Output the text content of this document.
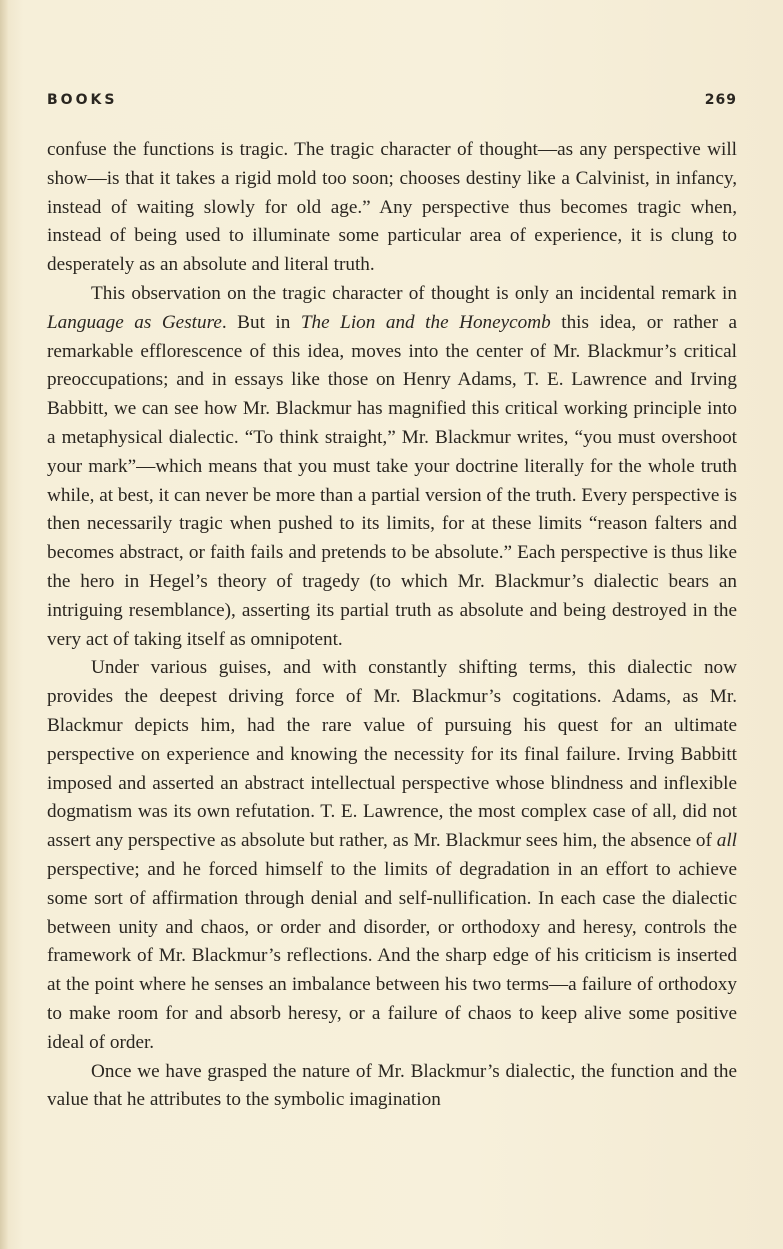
BOOKS	269

confuse the functions is tragic. The tragic character of thought—as any perspective will show—is that it takes a rigid mold too soon; chooses destiny like a Calvinist, in infancy, instead of waiting slowly for old age.” Any perspective thus becomes tragic when, instead of being used to illuminate some particular area of experience, it is clung to desperately as an absolute and literal truth.

This observation on the tragic character of thought is only an incidental remark in Language as Gesture. But in The Lion and the Honeycomb this idea, or rather a remarkable efflorescence of this idea, moves into the center of Mr. Blackmur’s critical preoccupations; and in essays like those on Henry Adams, T. E. Lawrence and Irving Babbitt, we can see how Mr. Blackmur has magnified this critical working principle into a metaphysical dialectic. “To think straight,” Mr. Blackmur writes, “you must overshoot your mark”—which means that you must take your doctrine literally for the whole truth while, at best, it can never be more than a partial version of the truth. Every perspective is then necessarily tragic when pushed to its limits, for at these limits “reason falters and becomes abstract, or faith fails and pretends to be absolute.” Each perspective is thus like the hero in Hegel’s theory of tragedy (to which Mr. Blackmur’s dialectic bears an intriguing resemblance), asserting its partial truth as absolute and being destroyed in the very act of taking itself as omnipotent.

Under various guises, and with constantly shifting terms, this dialectic now provides the deepest driving force of Mr. Blackmur’s cogitations. Adams, as Mr. Blackmur depicts him, had the rare value of pursuing his quest for an ultimate perspective on experience and knowing the necessity for its final failure. Irving Babbitt imposed and asserted an abstract intellectual perspective whose blindness and inflexible dogmatism was its own refutation. T. E. Lawrence, the most complex case of all, did not assert any perspective as absolute but rather, as Mr. Blackmur sees him, the absence of all perspective; and he forced himself to the limits of degradation in an effort to achieve some sort of affirmation through denial and self-nullification. In each case the dialectic between unity and chaos, or order and disorder, or orthodoxy and heresy, controls the framework of Mr. Blackmur’s reflections. And the sharp edge of his criticism is inserted at the point where he senses an imbalance between his two terms—a failure of orthodoxy to make room for and absorb heresy, or a failure of chaos to keep alive some positive ideal of order.

Once we have grasped the nature of Mr. Blackmur’s dialectic, the function and the value that he attributes to the symbolic imagination
